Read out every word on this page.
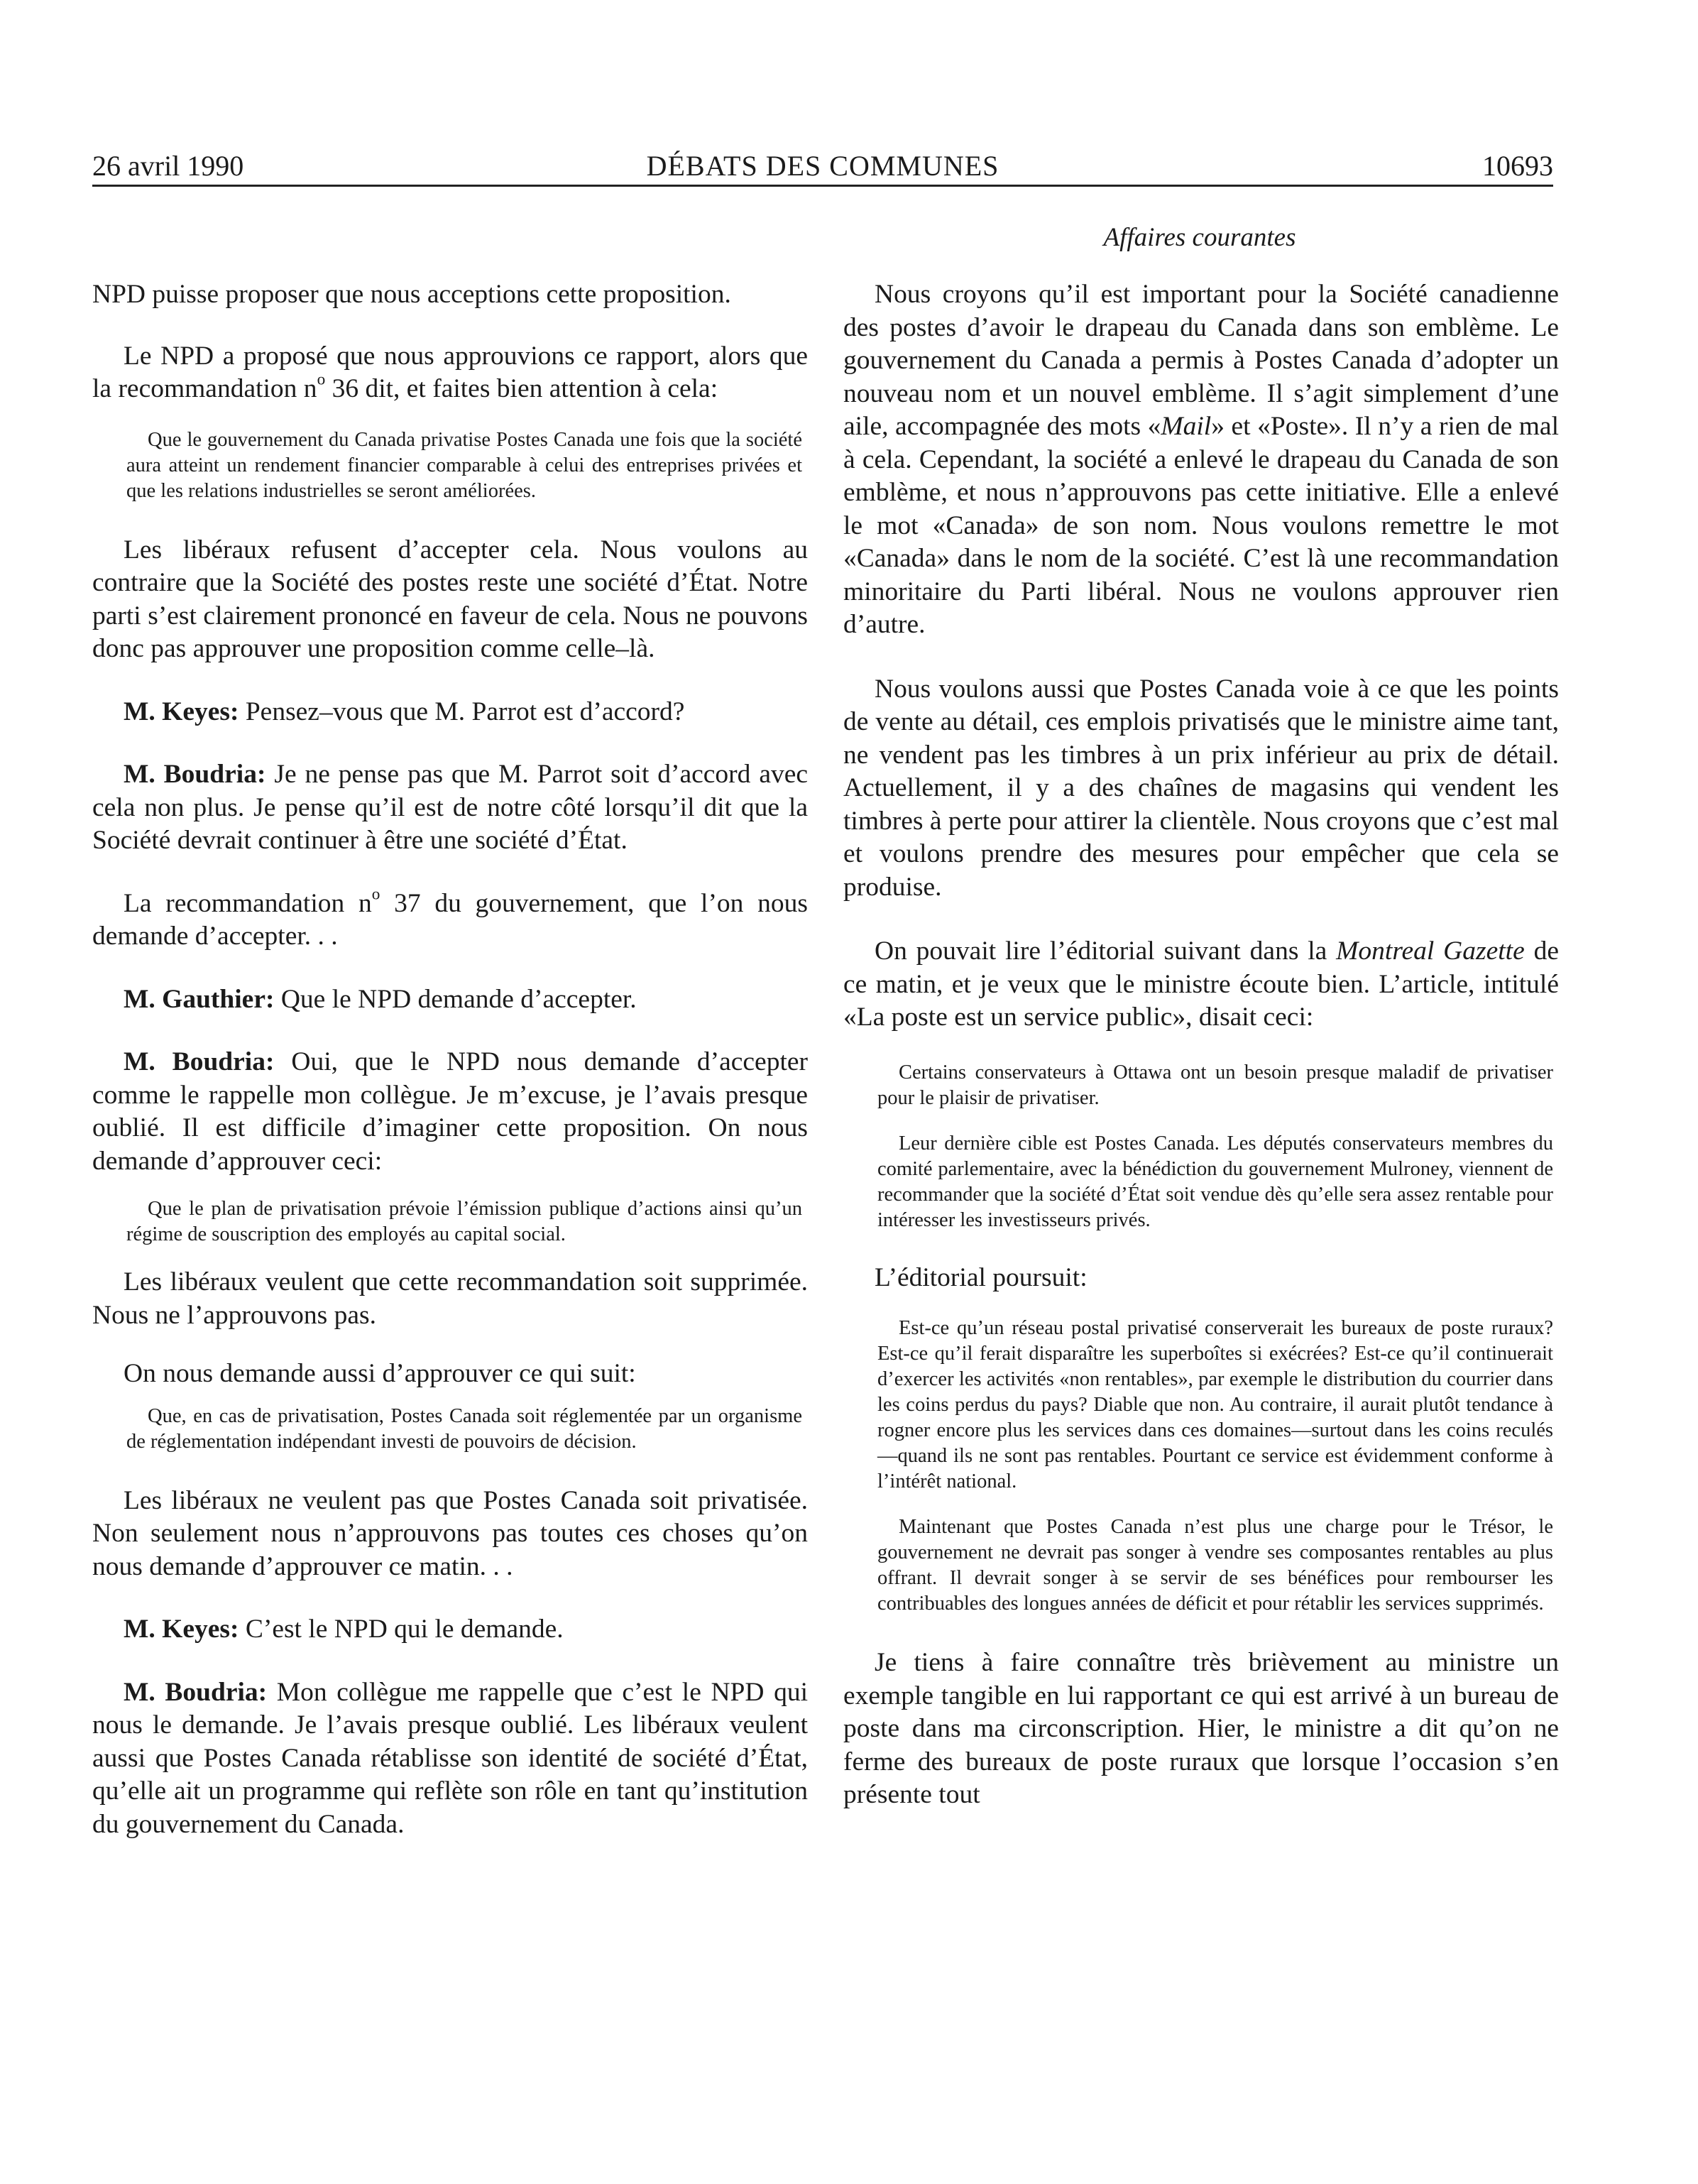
26 avril 1990	DÉBATS DES COMMUNES	10693
Affaires courantes

NPD puisse proposer que nous acceptions cette proposition.

Le NPD a proposé que nous approuvions ce rapport, alors que la recommandation $n^o$ 36 dit, et faites bien attention à cela:

Que le gouvernement du Canada privatise Postes Canada une fois que la société aura atteint un rendement financier comparable à celui des entreprises privées et que les relations industrielles se seront améliorées.

Les libéraux refusent d’accepter cela. Nous voulons au contraire que la Société des postes reste une société d’État. Notre parti s’est clairement prononcé en faveur de cela. Nous ne pouvons donc pas approuver une proposition comme celle–là.

M. Keyes: Pensez–vous que M. Parrot est d’accord?

M. Boudria: Je ne pense pas que M. Parrot soit d’accord avec cela non plus. Je pense qu’il est de notre côté lorsqu’il dit que la Société devrait continuer à être une société d’État.

La recommandation $n^o$ 37 du gouvernement, que l’on nous demande d’accepter. . .

M. Gauthier: Que le NPD demande d’accepter.

M. Boudria: Oui, que le NPD nous demande d’accepter comme le rappelle mon collègue. Je m’excuse, je l’avais presque oublié. Il est difficile d’imaginer cette proposition. On nous demande d’approuver ceci:

Que le plan de privatisation prévoie l’émission publique d’actions ainsi qu’un régime de souscription des employés au capital social.

Les libéraux veulent que cette recommandation soit supprimée. Nous ne l’approuvons pas.

On nous demande aussi d’approuver ce qui suit:

Que, en cas de privatisation, Postes Canada soit réglementée par un organisme de réglementation indépendant investi de pouvoirs de décision.

Les libéraux ne veulent pas que Postes Canada soit privatisée. Non seulement nous n’approuvons pas toutes ces choses qu’on nous demande d’approuver ce matin. . .

M. Keyes: C’est le NPD qui le demande.

M. Boudria: Mon collègue me rappelle que c’est le NPD qui nous le demande. Je l’avais presque oublié. Les libéraux veulent aussi que Postes Canada rétablisse son identité de société d’État, qu’elle ait un programme qui reflète son rôle en tant qu’institution du gouvernement du Canada.

Nous croyons qu’il est important pour la Société canadienne des postes d’avoir le drapeau du Canada dans son emblème. Le gouvernement du Canada a permis à Postes Canada d’adopter un nouveau nom et un nouvel emblème. Il s’agit simplement d’une aile, accompagnée des mots «Mail» et «Poste». Il n’y a rien de mal à cela. Cependant, la société a enlevé le drapeau du Canada de son emblème, et nous n’approuvons pas cette initiative. Elle a enlevé le mot «Canada» de son nom. Nous voulons remettre le mot «Canada» dans le nom de la société. C’est là une recommandation minoritaire du Parti libéral. Nous ne voulons approuver rien d’autre.

Nous voulons aussi que Postes Canada voie à ce que les points de vente au détail, ces emplois privatisés que le ministre aime tant, ne vendent pas les timbres à un prix inférieur au prix de détail. Actuellement, il y a des chaînes de magasins qui vendent les timbres à perte pour attirer la clientèle. Nous croyons que c’est mal et voulons prendre des mesures pour empêcher que cela se produise.

On pouvait lire l’éditorial suivant dans la Montreal Gazette de ce matin, et je veux que le ministre écoute bien. L’article, intitulé «La poste est un service public», disait ceci:

Certains conservateurs à Ottawa ont un besoin presque maladif de privatiser pour le plaisir de privatiser.

Leur dernière cible est Postes Canada. Les députés conservateurs membres du comité parlementaire, avec la bénédiction du gouvernement Mulroney, viennent de recommander que la société d’État soit vendue dès qu’elle sera assez rentable pour intéresser les investisseurs privés.

L’éditorial poursuit:

Est-ce qu’un réseau postal privatisé conserverait les bureaux de poste ruraux? Est-ce qu’il ferait disparaître les superboîtes si exécrées? Est-ce qu’il continuerait d’exercer les activités «non rentables», par exemple le distribution du courrier dans les coins perdus du pays? Diable que non. Au contraire, il aurait plutôt tendance à rogner encore plus les services dans ces domaines—surtout dans les coins reculés—quand ils ne sont pas rentables. Pourtant ce service est évidemment conforme à l’intérêt national.

Maintenant que Postes Canada n’est plus une charge pour le Trésor, le gouvernement ne devrait pas songer à vendre ses composantes rentables au plus offrant. Il devrait songer à se servir de ses bénéfices pour rembourser les contribuables des longues années de déficit et pour rétablir les services supprimés.

Je tiens à faire connaître très brièvement au ministre un exemple tangible en lui rapportant ce qui est arrivé à un bureau de poste dans ma circonscription. Hier, le ministre a dit qu’on ne ferme des bureaux de poste ruraux que lorsque l’occasion s’en présente tout
